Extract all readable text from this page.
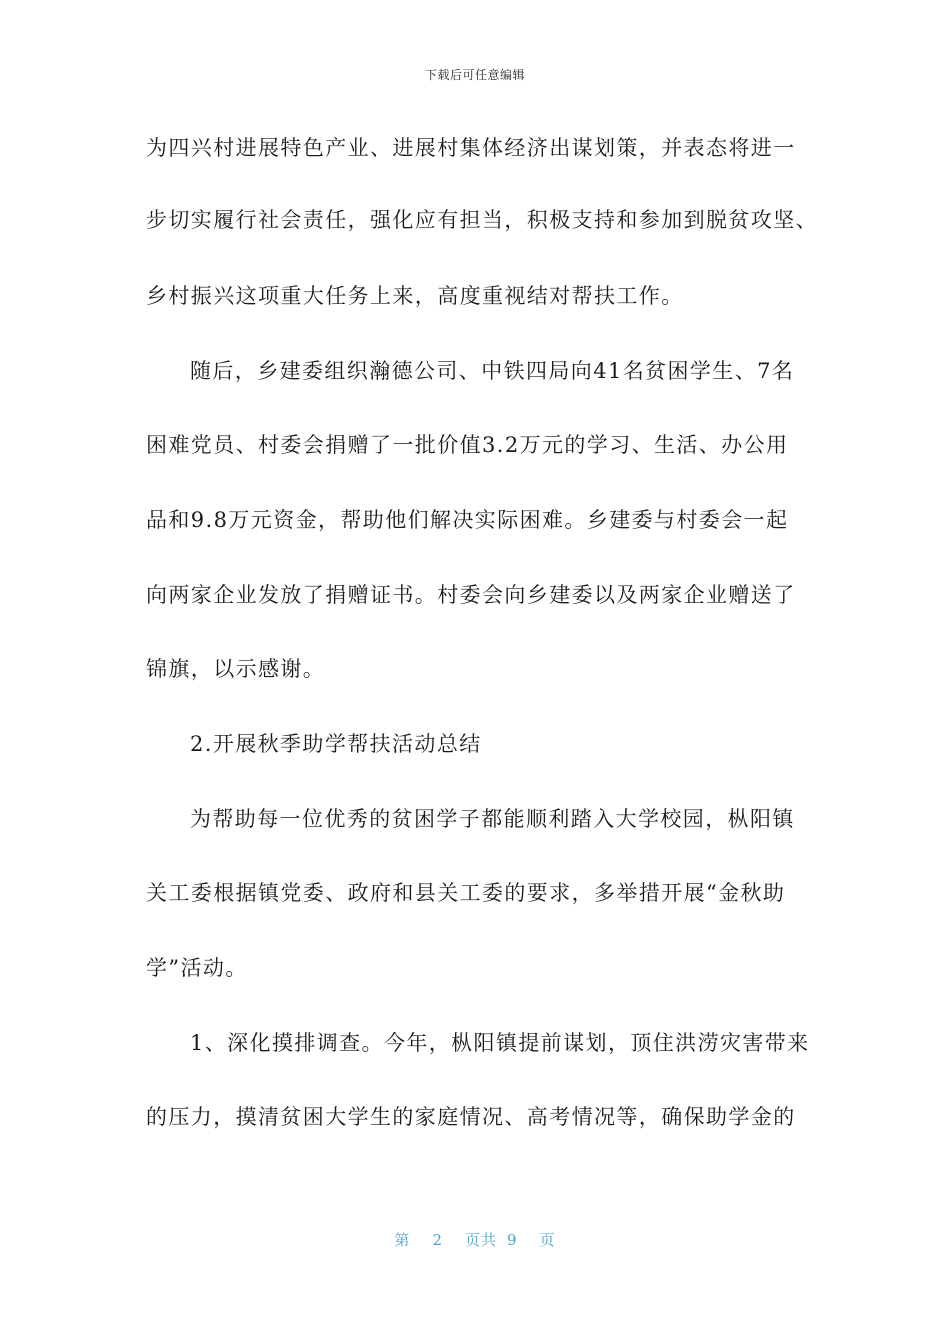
下载后可任意编辑
为四兴村进展特色产业、进展村集体经济出谋划策，并表态将进一
步切实履行社会责任，强化应有担当，积极支持和参加到脱贫攻坚、
乡村振兴这项重大任务上来，高度重视结对帮扶工作。
随后，乡建委组织瀚德公司、中铁四局向41名贫困学生、7名
困难党员、村委会捐赠了一批价值3.2万元的学习、生活、办公用
品和9.8万元资金，帮助他们解决实际困难。乡建委与村委会一起
向两家企业发放了捐赠证书。村委会向乡建委以及两家企业赠送了
锦旗，以示感谢。
2.开展秋季助学帮扶活动总结
为帮助每一位优秀的贫困学子都能顺利踏入大学校园，枞阳镇
关工委根据镇党委、政府和县关工委的要求，多举措开展“金秋助
学”活动。
1、深化摸排调查。今年，枞阳镇提前谋划，顶住洪涝灾害带来
的压力，摸清贫困大学生的家庭情况、高考情况等，确保助学金的
第 2 页共 9 页
